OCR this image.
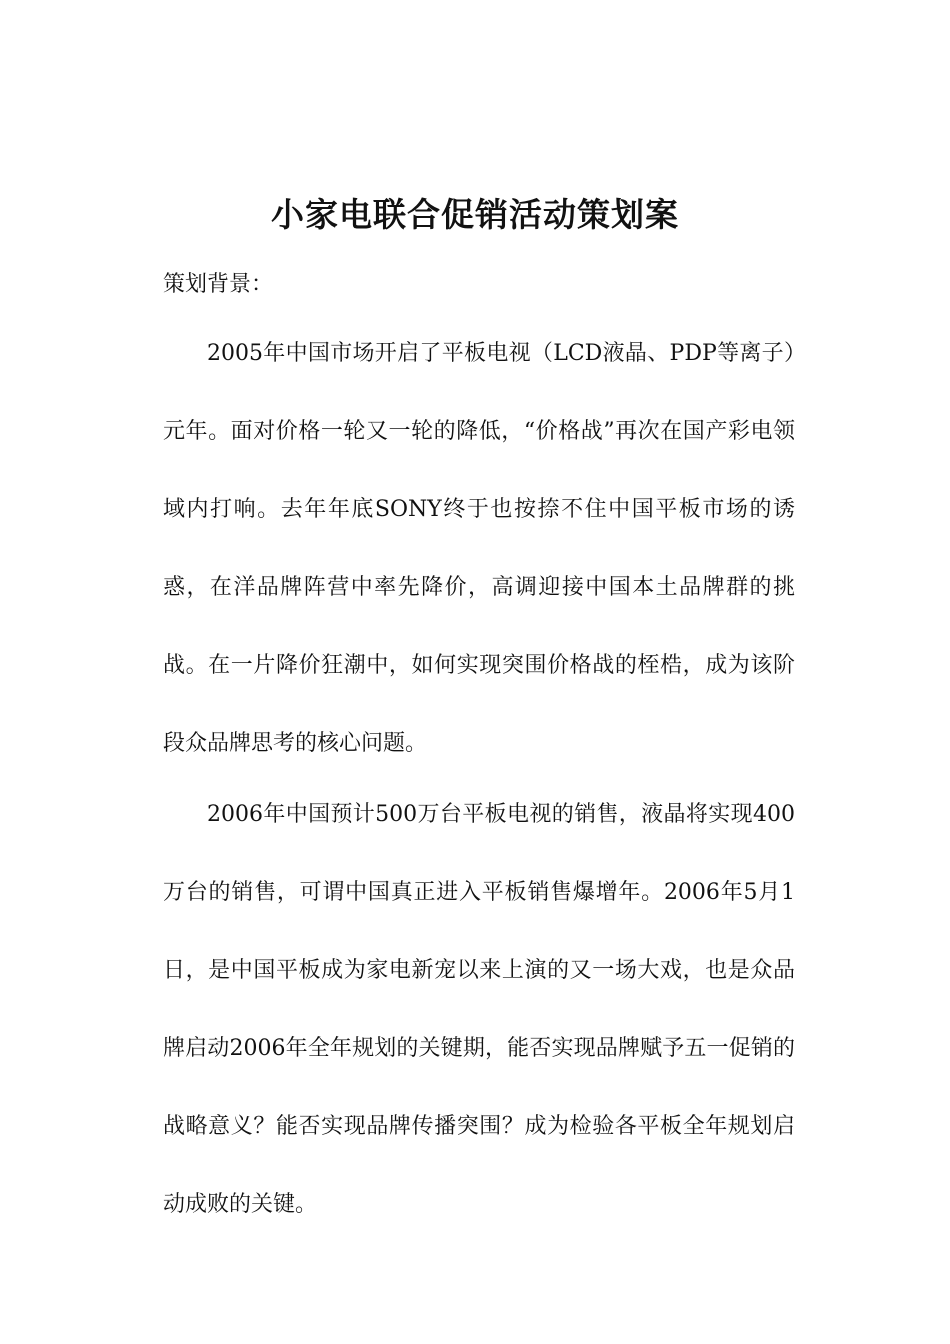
小家电联合促销活动策划案
策划背景：

2005年中国市场开启了平板电视（LCD液晶、PDP等离子）元年。面对价格一轮又一轮的降低，“价格战”再次在国产彩电领域内打响。去年年底SONY终于也按捺不住中国平板市场的诱惑，在洋品牌阵营中率先降价，高调迎接中国本土品牌群的挑战。在一片降价狂潮中，如何实现突围价格战的桎梏，成为该阶段众品牌思考的核心问题。

2006年中国预计500万台平板电视的销售，液晶将实现400万台的销售，可谓中国真正进入平板销售爆增年。2006年5月1日，是中国平板成为家电新宠以来上演的又一场大戏，也是众品牌启动2006年全年规划的关键期，能否实现品牌赋予五一促销的战略意义？能否实现品牌传播突围？成为检验各平板全年规划启动成败的关键。
